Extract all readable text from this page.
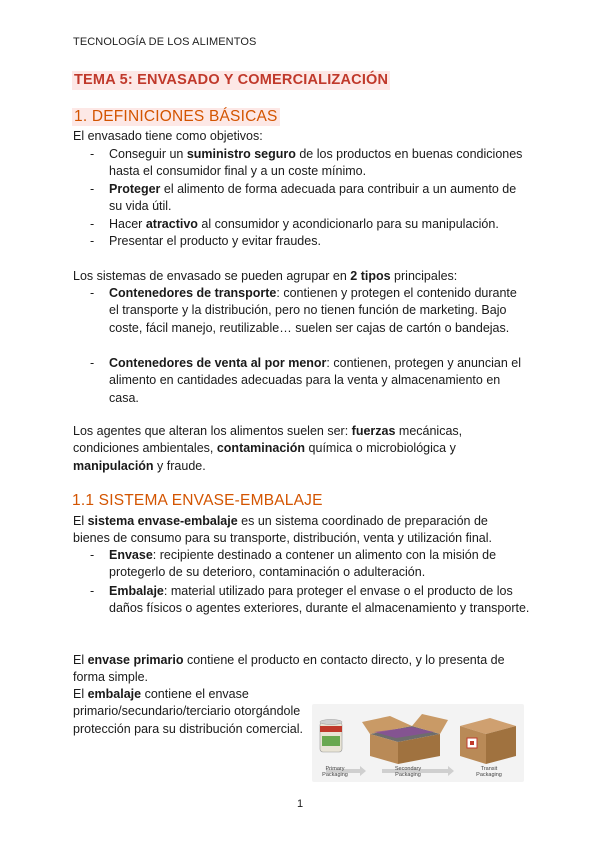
TECNOLOGÍA DE LOS ALIMENTOS
TEMA 5: ENVASADO Y COMERCIALIZACIÓN
1. DEFINICIONES BÁSICAS
El envasado tiene como objetivos:
- Conseguir un suministro seguro de los productos en buenas condiciones hasta el consumidor final y a un coste mínimo.
- Proteger el alimento de forma adecuada para contribuir a un aumento de su vida útil.
- Hacer atractivo al consumidor y acondicionarlo para su manipulación.
- Presentar el producto y evitar fraudes.
Los sistemas de envasado se pueden agrupar en 2 tipos principales:
- Contenedores de transporte: contienen y protegen el contenido durante el transporte y la distribución, pero no tienen función de marketing. Bajo coste, fácil manejo, reutilizable… suelen ser cajas de cartón o bandejas.
- Contenedores de venta al por menor: contienen, protegen y anuncian el alimento en cantidades adecuadas para la venta y almacenamiento en casa.
Los agentes que alteran los alimentos suelen ser: fuerzas mecánicas, condiciones ambientales, contaminación química o microbiológica y manipulación y fraude.
1.1 SISTEMA ENVASE-EMBALAJE
El sistema envase-embalaje es un sistema coordinado de preparación de bienes de consumo para su transporte, distribución, venta y utilización final.
- Envase: recipiente destinado a contener un alimento con la misión de protegerlo de su deterioro, contaminación o adulteración.
- Embalaje: material utilizado para proteger el envase o el producto de los daños físicos o agentes exteriores, durante el almacenamiento y transporte.
El envase primario contiene el producto en contacto directo, y lo presenta de forma simple.
El embalaje contiene el envase primario/secundario/terciario otorgándole protección para su distribución comercial.
Primary
Packaging
Secondary
Packaging
Transit
Packaging
1
